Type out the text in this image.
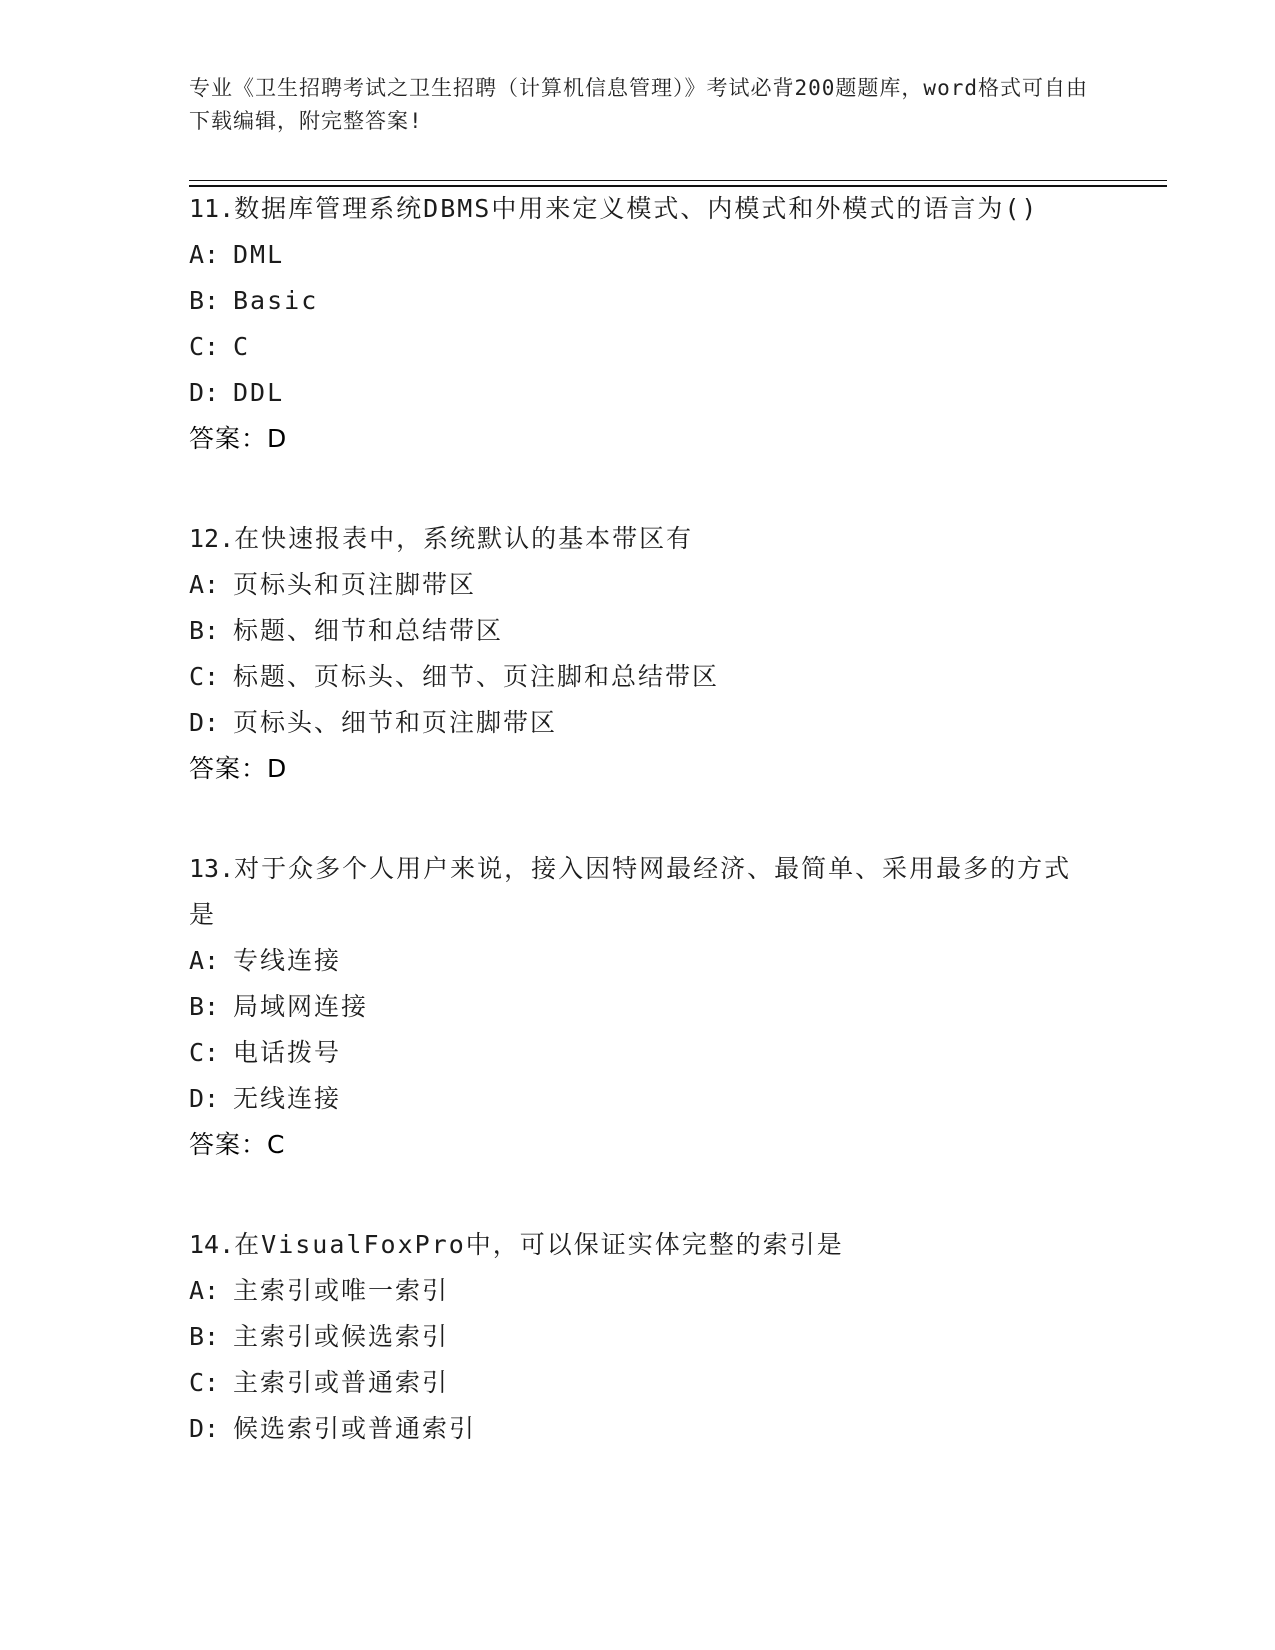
专业《卫生招聘考试之卫生招聘（计算机信息管理）》考试必背200题题库，word格式可自由下载编辑，附完整答案!
11.数据库管理系统DBMS中用来定义模式、内模式和外模式的语言为()
A: DML
B: Basic
C: C
D: DDL
答案：D
12.在快速报表中，系统默认的基本带区有
A: 页标头和页注脚带区
B: 标题、细节和总结带区
C: 标题、页标头、细节、页注脚和总结带区
D: 页标头、细节和页注脚带区
答案：D
13.对于众多个人用户来说，接入因特网最经济、最简单、采用最多的方式是
A: 专线连接
B: 局域网连接
C: 电话拨号
D: 无线连接
答案：C
14.在VisualFoxPro中，可以保证实体完整的索引是
A: 主索引或唯一索引
B: 主索引或候选索引
C: 主索引或普通索引
D: 候选索引或普通索引
